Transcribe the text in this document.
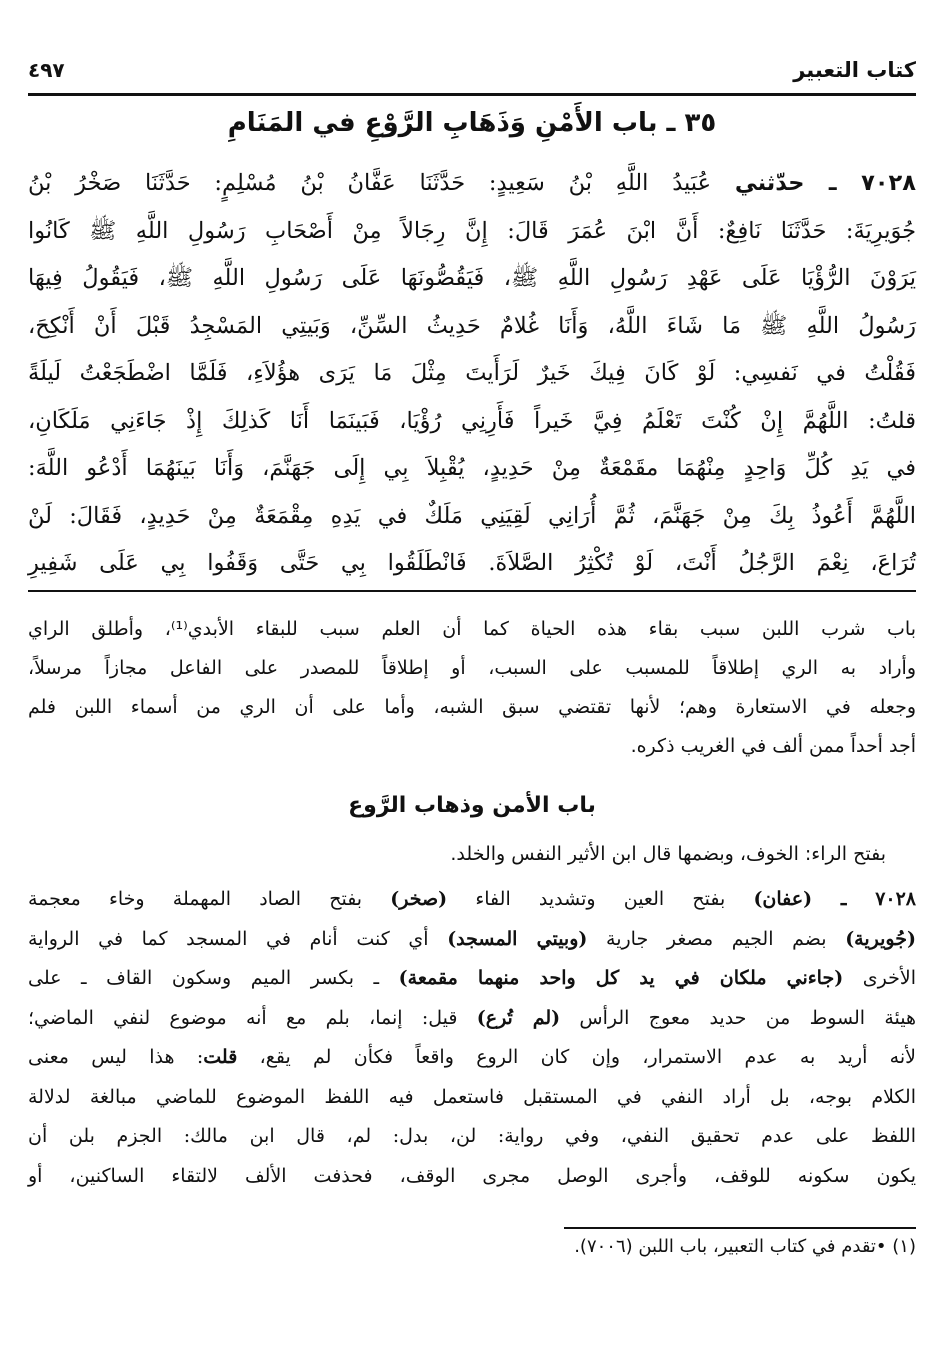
كتاب التعبير
٤٩٧
٣٥ ـ باب الأَمْنِ وَذَهَابِ الرَّوْعِ في المَنَامِ
٧٠٢٨ ـ حدّثني عُبَيدُ اللَّهِ بْنُ سَعِيدٍ: حَدَّثَنَا عَفَّانُ بْنُ مُسْلِمٍ: حَدَّثَنَا صَخْرُ بْنُ
جُوَيرِيَةَ: حَدَّثَنَا نَافِعٌ: أَنَّ ابْنَ عُمَرَ قَالَ: إِنَّ رِجَالاً مِنْ أَصْحَابِ رَسُولِ اللَّهِ ﷺ كَانُوا
يَرَوْنَ الرُّؤْيَا عَلَى عَهْدِ رَسُولِ اللَّهِ ﷺ، فَيَقُصُّونَهَا عَلَى رَسُولِ اللَّهِ ﷺ، فَيَقُولُ فِيهَا
رَسُولُ اللَّهِ ﷺ مَا شَاءَ اللَّهُ، وَأَنَا غُلامٌ حَدِيثُ السِّنِّ، وَبَيتِي المَسْجِدُ قَبْلَ أَنْ أَنْكِحَ،
فَقُلْتُ في نَفسِي: لَوْ كَانَ فِيكَ خَيرٌ لَرَأَيتَ مِثْلَ مَا يَرَى هؤُلاَءِ، فَلَمَّا اضْطَجَعْتُ لَيلَةً
قلتُ: اللَّهُمَّ إِنْ كُنْتَ تَعْلَمُ فِيَّ خَيراً فَأَرِنِي رُؤْيَا، فَبَينَمَا أَنَا كَذلِكَ إِذْ جَاءَنِي مَلَكَانِ،
في يَدِ كُلِّ وَاحِدٍ مِنْهُمَا مقَمْعَةٌ مِنْ حَدِيدٍ، يُقْبِلاَ بِي إِلَى جَهَنَّمَ، وَأَنَا بَينَهُمَا أَدْعُو اللَّهَ:
اللَّهُمَّ أَعُوذُ بِكَ مِنْ جَهَنَّمَ، ثُمَّ أُرَانِي لَقِيَنِي مَلَكٌ في يَدِهِ مِقْمَعَةٌ مِنْ حَدِيدٍ، فَقَالَ: لَنْ
تُرَاعَ، نِعْمَ الرَّجُلُ أَنْتَ، لَوْ تُكْثِرُ الصَّلاَةَ. فَانْطَلَقُوا بِي حَتَّى وَقَفُوا بِي عَلَى شَفِيرِ
باب شرب اللبن سبب بقاء هذه الحياة كما أن العلم سبب للبقاء الأبدي⁽¹⁾، وأطلق الراي
وأراد به الري إطلاقاً للمسبب على السبب، أو إطلاقاً للمصدر على الفاعل مجازاً مرسلاً،
وجعله في الاستعارة وهم؛ لأنها تقتضي سبق الشبه، وأما على أن الري من أسماء اللبن فلم
أجد أحداً ممن ألف في الغريب ذكره.
باب الأمن وذهاب الرَّوع
بفتح الراء: الخوف، وبضمها قال ابن الأثير النفس والخلد.
٧٠٢٨ ـ (عفان) بفتح العين وتشديد الفاء (صخر) بفتح الصاد المهملة وخاء معجمة
(جُويرية) بضم الجيم مصغر جارية (وبيتي المسجد) أي كنت أنام في المسجد كما في الرواية
الأخرى (جاءني ملكان في يد كل واحد منهما مقمعة) ـ بكسر الميم وسكون القاف ـ على
هيئة السوط من حديد معوج الرأس (لم تُرع) قيل: إنما، بلم مع أنه موضوع لنفي الماضي؛
لأنه أريد به عدم الاستمرار، وإن كان الروع واقعاً فكأن لم يقع، قلت: هذا ليس معنى
الكلام بوجه، بل أراد النفي في المستقبل فاستعمل فيه اللفظ الموضوع للماضي مبالغة لدلالة
اللفظ على عدم تحقيق النفي، وفي رواية: لن، بدل: لم، قال ابن مالك: الجزم بلن أن
يكون سكونه للوقف، وأجرى الوصل مجرى الوقف، فحذفت الألف لالتقاء الساكنين، أو
(١) •تقدم في كتاب التعبير، باب اللبن (٧٠٠٦).
